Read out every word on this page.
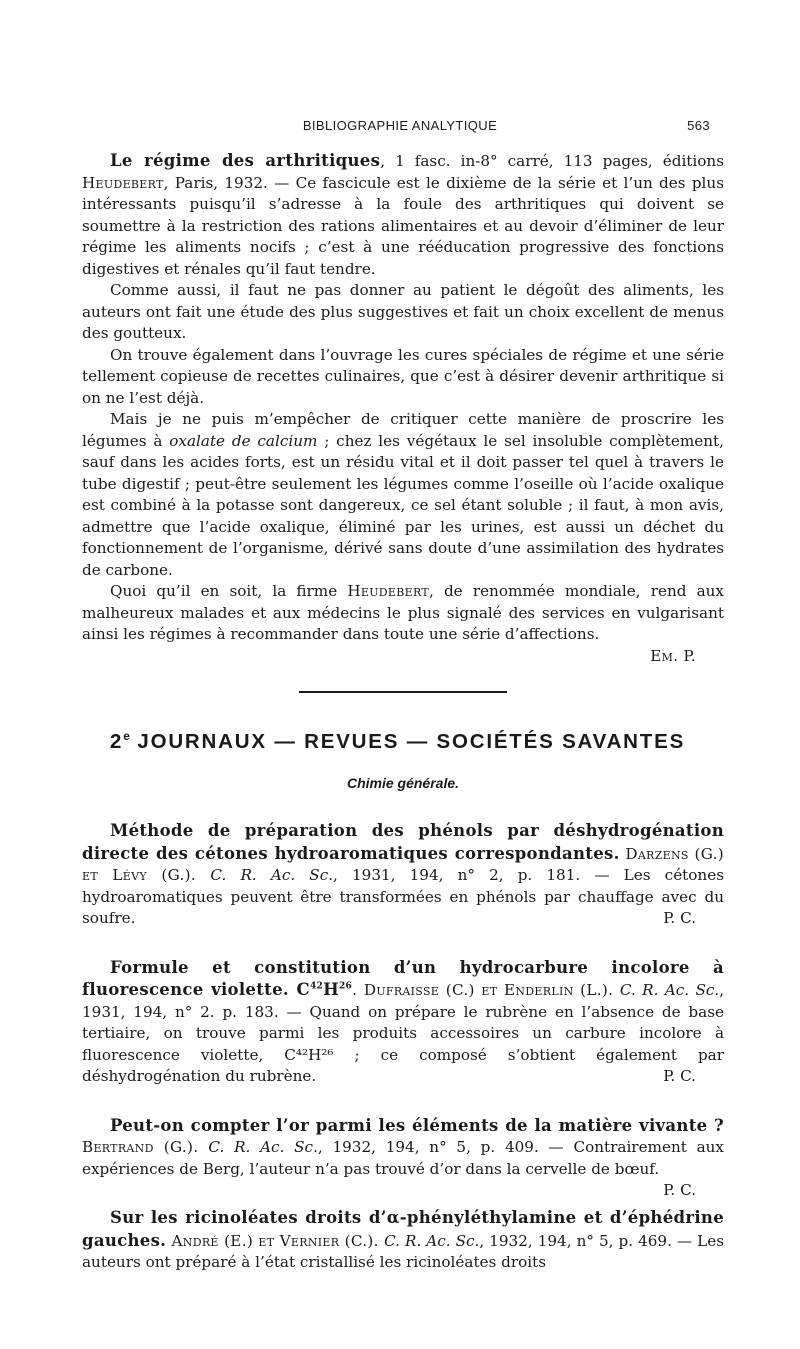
BIBLIOGRAPHIE ANALYTIQUE	563

Le régime des arthritiques, 1 fasc. in-8° carré, 113 pages, éditions Heudebert, Paris, 1932. — Ce fascicule est le dixième de la série et l’un des plus intéressants puisqu’il s’adresse à la foule des arthritiques qui doivent se soumettre à la restriction des rations alimentaires et au devoir d’éliminer de leur régime les aliments nocifs ; c’est à une rééducation progressive des fonctions digestives et rénales qu’il faut tendre.

Comme aussi, il faut ne pas donner au patient le dégoût des aliments, les auteurs ont fait une étude des plus suggestives et fait un choix excellent de menus des goutteux.

On trouve également dans l’ouvrage les cures spéciales de régime et une série tellement copieuse de recettes culinaires, que c’est à désirer devenir arthritique si on ne l’est déjà.

Mais je ne puis m’empêcher de critiquer cette manière de proscrire les légumes à oxalate de calcium ; chez les végétaux le sel insoluble complètement, sauf dans les acides forts, est un résidu vital et il doit passer tel quel à travers le tube digestif ; peut-être seulement les légumes comme l’oseille où l’acide oxalique est combiné à la potasse sont dangereux, ce sel étant soluble ; il faut, à mon avis, admettre que l’acide oxalique, éliminé par les urines, est aussi un déchet du fonctionnement de l’organisme, dérivé sans doute d’une assimilation des hydrates de carbone.

Quoi qu’il en soit, la firme Heudebert, de renommée mondiale, rend aux malheureux malades et aux médecins le plus signalé des services en vulgarisant ainsi les régimes à recommander dans toute une série d’affections.

Em. P.

2e JOURNAUX — REVUES — SOCIÉTÉS SAVANTES
Chimie générale.

Méthode de préparation des phénols par déshydrogénation directe des cétones hydroaromatiques correspondantes. Darzens (G.) et Lévy (G.). C. R. Ac. Sc., 1931, 194, n° 2, p. 181. — Les cétones hydroaromatiques peuvent être transformées en phénols par chauffage avec du soufre.	P. C.

Formule et constitution d’un hydrocarbure incolore à fluorescence violette. $C^{42}H^{26}$. Dufraisse (C.) et Enderlin (L.). C. R. Ac. Sc., 1931, 194, n° 2. p. 183. — Quand on prépare le rubrène en l’absence de base tertiaire, on trouve parmi les produits accessoires un carbure incolore à fluorescence violette, C⁴²H²⁶ ; ce composé s’obtient également par déshydrogénation du rubrène.	P. C.

Peut-on compter l’or parmi les éléments de la matière vivante ? Bertrand (G.). C. R. Ac. Sc., 1932, 194, n° 5, p. 409. — Contrairement aux expériences de Berg, l’auteur n’a pas trouvé d’or dans la cervelle de bœuf.
P. C.

Sur les ricinoléates droits d’α-phényléthylamine et d’éphédrine gauches. André (E.) et Vernier (C.). C. R. Ac. Sc., 1932, 194, n° 5, p. 469. — Les auteurs ont préparé à l’état cristallisé les ricinoléates droits
